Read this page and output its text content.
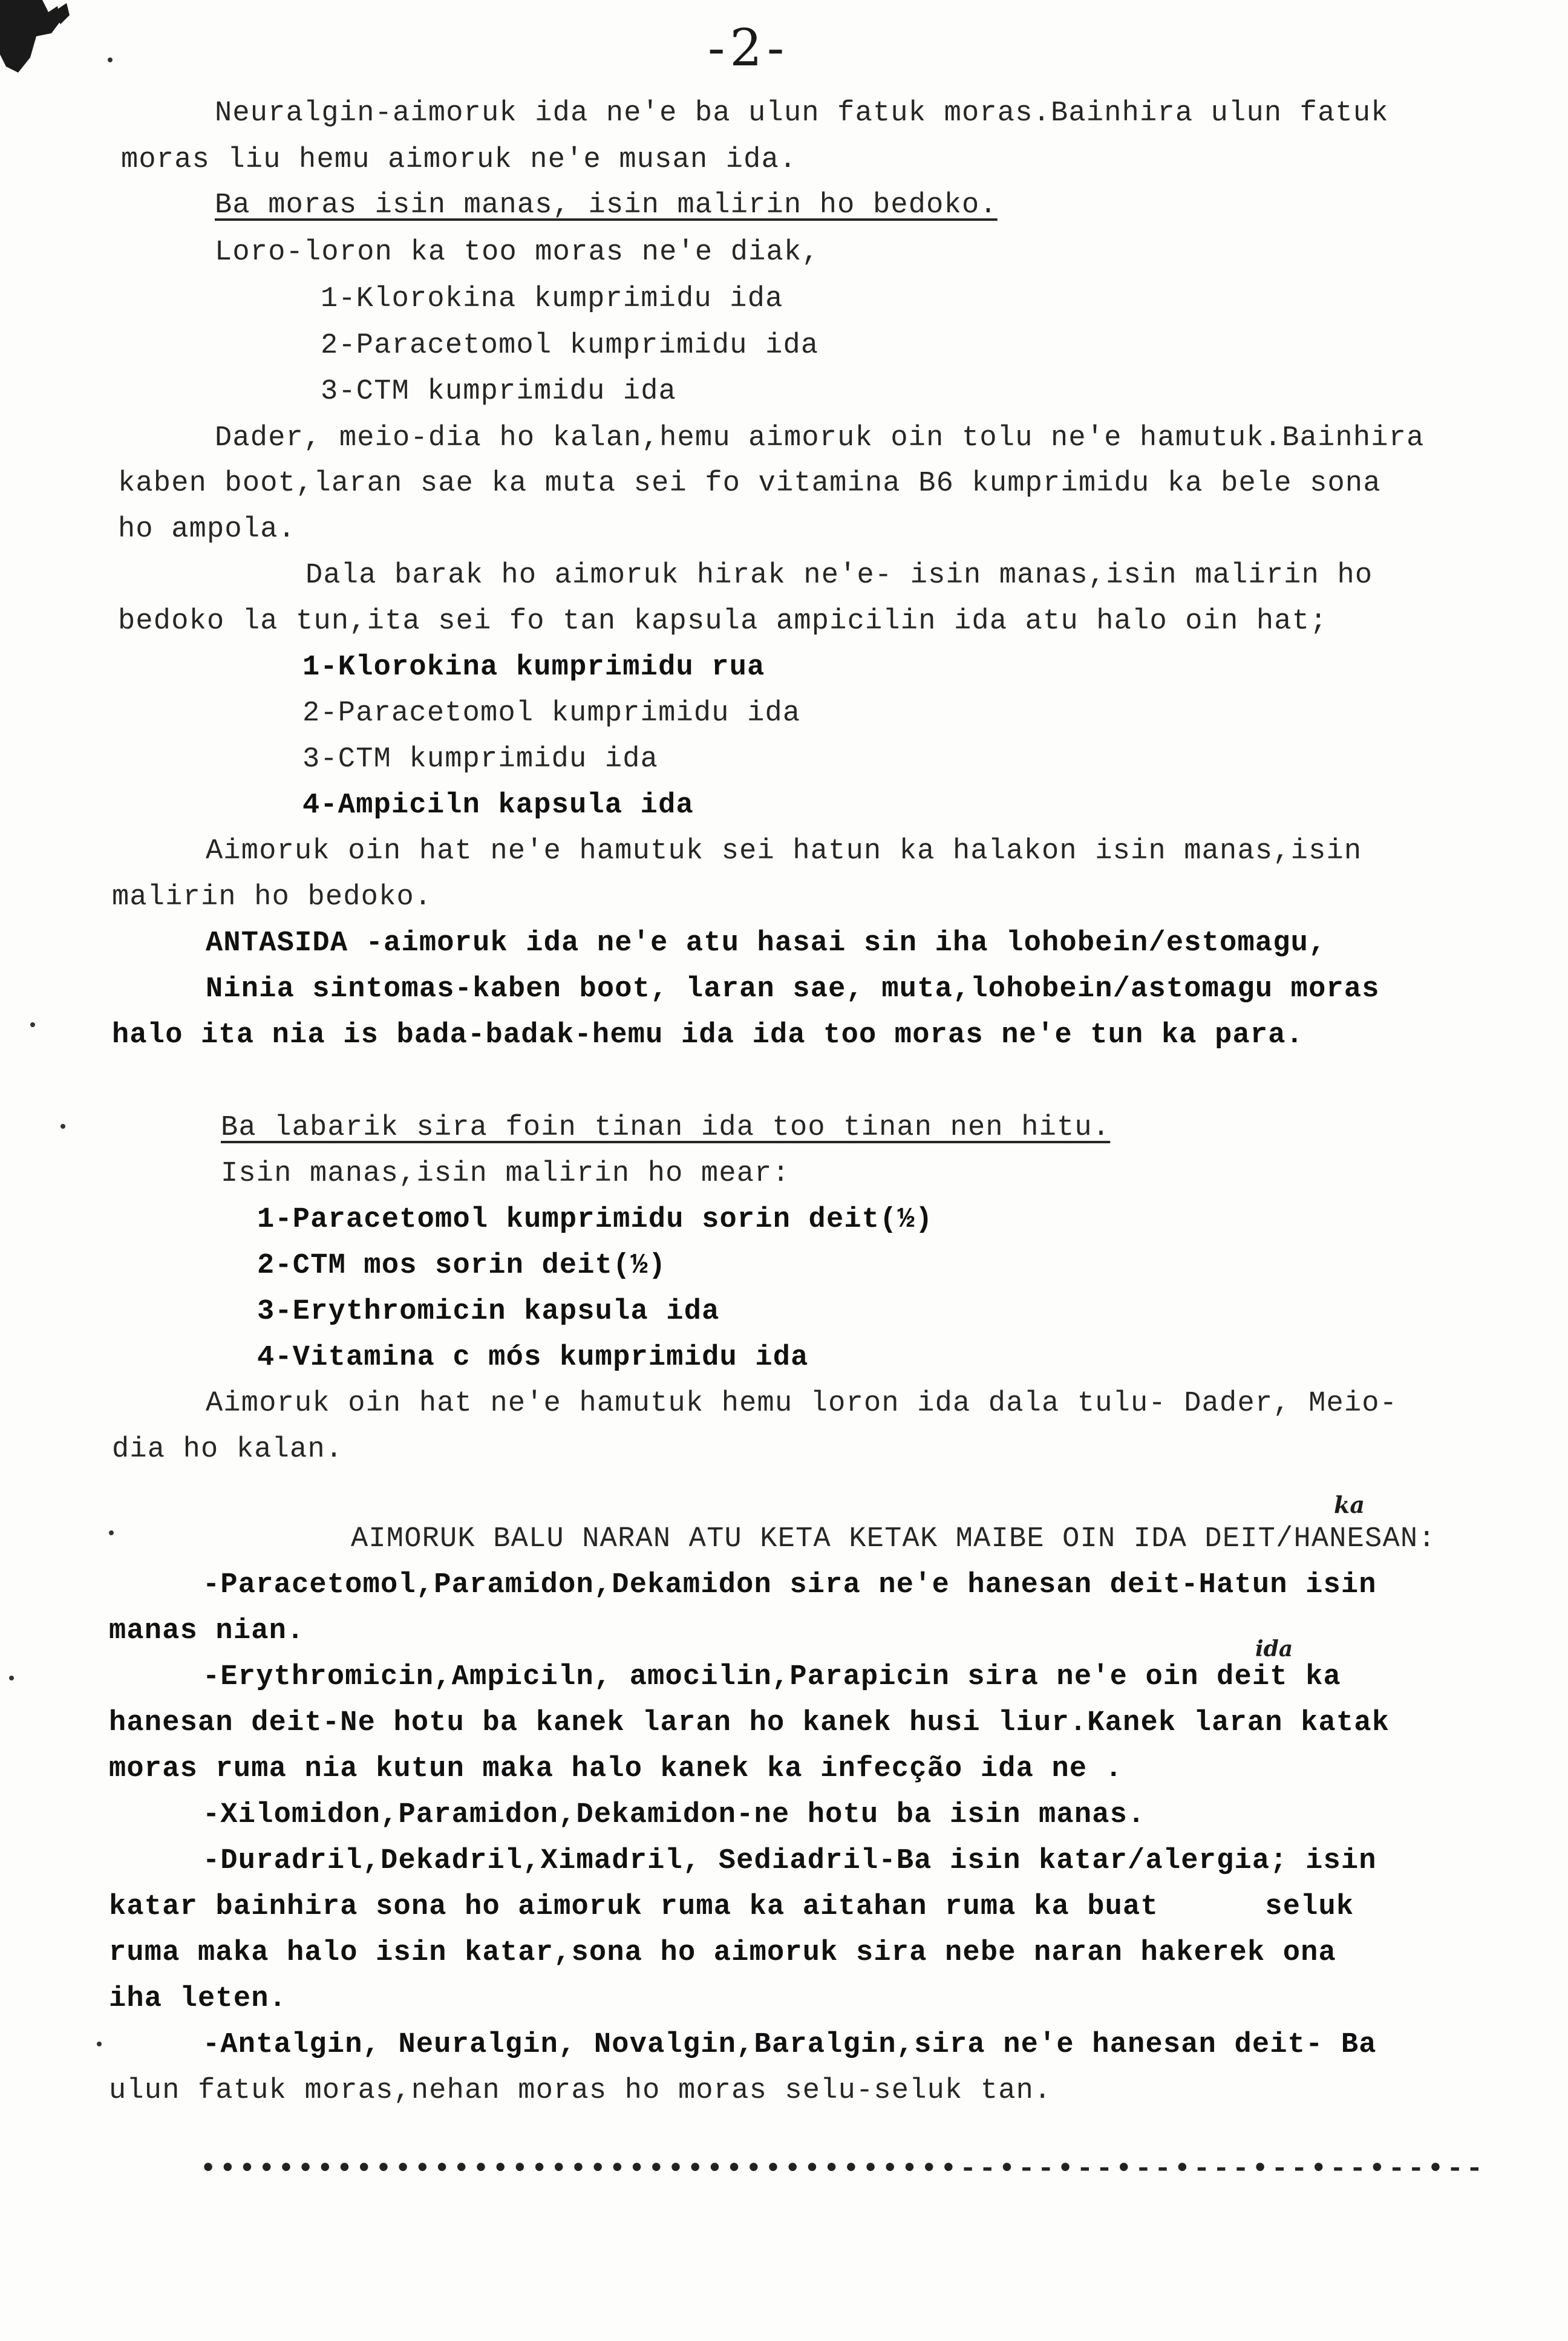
-2-
Neuralgin-aimoruk ida ne'e ba ulun fatuk moras.Bainhira ulun fatuk
moras liu hemu aimoruk ne'e musan ida.
Ba moras isin manas, isin malirin ho bedoko.
Loro-loron ka too moras ne'e diak,
1-Klorokina kumprimidu ida
2-Paracetomol kumprimidu ida
3-CTM kumprimidu ida
Dader, meio-dia ho kalan,hemu aimoruk oin tolu ne'e hamutuk.Bainhira
kaben boot,laran sae ka muta sei fo vitamina B6 kumprimidu ka bele sona
ho ampola.
Dala barak ho aimoruk hirak ne'e- isin manas,isin malirin ho
bedoko la tun,ita sei fo tan kapsula ampicilin ida atu halo oin hat;
1-Klorokina kumprimidu rua
2-Paracetomol kumprimidu ida
3-CTM kumprimidu ida
4-Ampiciln kapsula ida
Aimoruk oin hat ne'e hamutuk sei hatun ka halakon isin manas,isin
malirin ho bedoko.
ANTASIDA -aimoruk ida ne'e atu hasai sin iha lohobein/estomagu,
Ninia sintomas-kaben boot, laran sae, muta,lohobein/astomagu moras
halo ita nia is bada-badak-hemu ida ida too moras ne'e tun ka para.
Ba labarik sira foin tinan ida too tinan nen hitu.
Isin manas,isin malirin ho mear:
1-Paracetomol kumprimidu sorin deit(½)
2-CTM mos sorin deit(½)
3-Erythromicin kapsula ida
4-Vitamina c mós kumprimidu ida
Aimoruk oin hat ne'e hamutuk hemu loron ida dala tulu- Dader, Meio-
dia ho kalan.
AIMORUK BALU NARAN ATU KETA KETAK MAIBE OIN IDA DEIT/HANESAN:
-Paracetomol,Paramidon,Dekamidon sira ne'e hanesan deit-Hatun isin
manas nian.
-Erythromicin,Ampiciln, amocilin,Parapicin sira ne'e oin deit ka
hanesan deit-Ne hotu ba kanek laran ho kanek husi liur.Kanek laran katak
moras ruma nia kutun maka halo kanek ka infecção ida ne .
-Xilomidon,Paramidon,Dekamidon-ne hotu ba isin manas.
-Duradril,Dekadril,Ximadril, Sediadril-Ba isin katar/alergia; isin
katar bainhira sona ho aimoruk ruma ka aitahan ruma ka buat      seluk
ruma maka halo isin katar,sona ho aimoruk sira nebe naran hakerek ona
iha leten.
-Antalgin, Neuralgin, Novalgin,Baralgin,sira ne'e hanesan deit- Ba
ulun fatuk moras,nehan moras ho moras selu-seluk tan.
•••••••••••••••••••••••••••••••••••••••--•--•--•--•---•--•--•--•--
ka
ida
